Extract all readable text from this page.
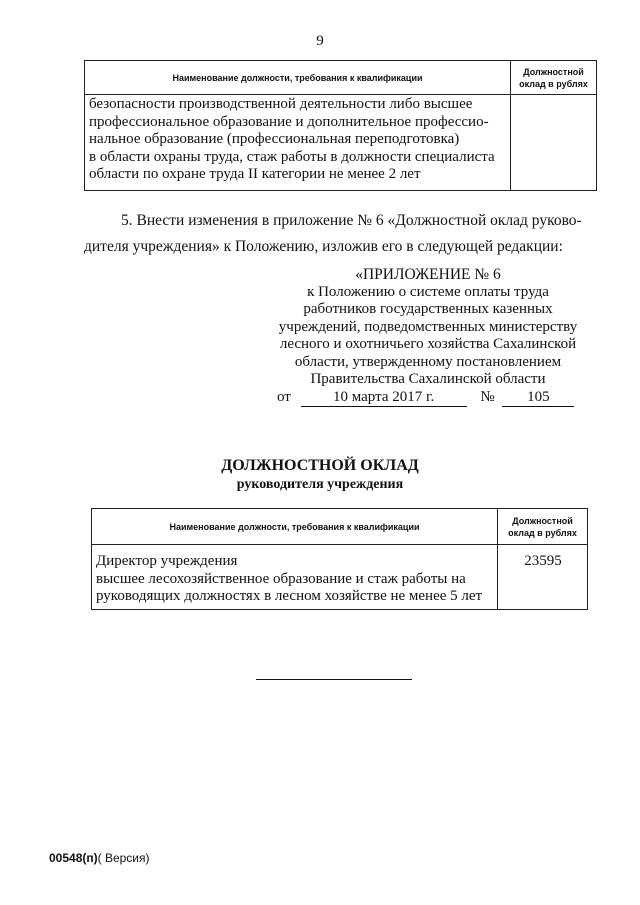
9
Наименование должности, требования к квалификации	Должностной оклад в рублях

безопасности производственной деятельности либо высшее
профессиональное образование и дополнительное профессио-
нальное образование (профессиональная переподготовка)
в области охраны труда, стаж работы в должности специалиста
области по охране труда II категории не менее 2 лет	

5. Внести изменения в приложение № 6 «Должностной оклад руково-
дителя учреждения» к Положению, изложив его в следующей редакции:
«ПРИЛОЖЕНИЕ № 6
к Положению о системе оплаты труда
работников государственных казенных
учреждений, подведомственных министерству
лесного и охотничьего хозяйства Сахалинской
области, утвержденному постановлением
Правительства Сахалинской области
от	10 марта 2017 г.	№ 105
ДОЛЖНОСТНОЙ ОКЛАД
руководителя учреждения
Наименование должности, требования к квалификации	Должностной оклад в рублях

Директор учреждения
высшее лесохозяйственное образование и стаж работы на
руководящих должностях в лесном хозяйстве не менее 5 лет	23595
00548(п)( Версия)
